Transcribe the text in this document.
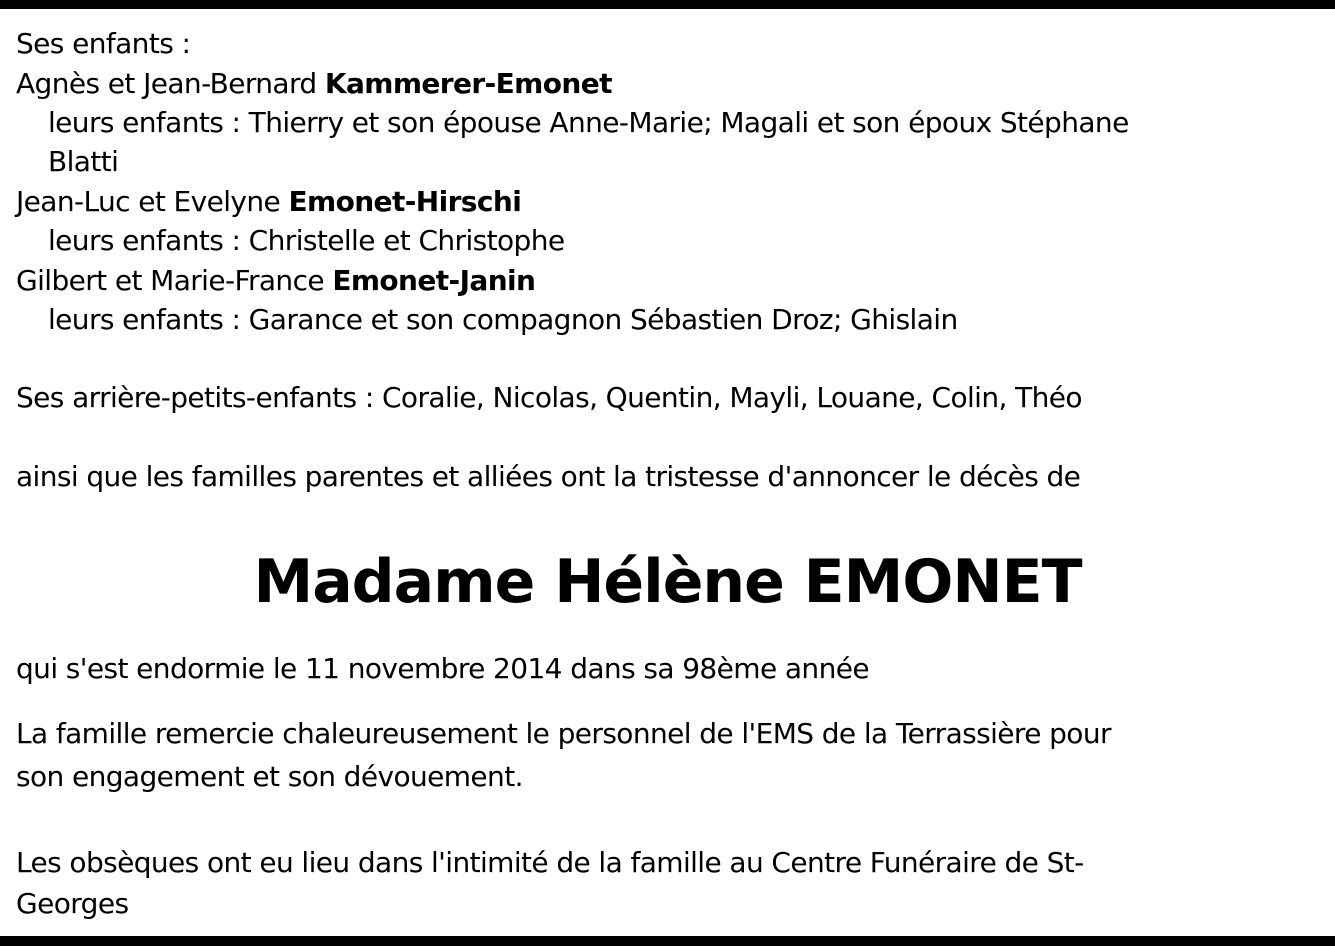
Ses enfants :
Agnès et Jean-Bernard Kammerer-Emonet
leurs enfants : Thierry et son épouse Anne-Marie; Magali et son époux Stéphane
Blatti
Jean-Luc et Evelyne Emonet-Hirschi
leurs enfants : Christelle et Christophe
Gilbert et Marie-France Emonet-Janin
leurs enfants : Garance et son compagnon Sébastien Droz; Ghislain
Ses arrière-petits-enfants : Coralie, Nicolas, Quentin, Mayli, Louane, Colin, Théo
ainsi que les familles parentes et alliées ont la tristesse d'annoncer le décès de
Madame Hélène EMONET
qui s'est endormie le 11 novembre 2014 dans sa 98ème année
La famille remercie chaleureusement le personnel de l'EMS de la Terrassière pour
son engagement et son dévouement.
Les obsèques ont eu lieu dans l'intimité de la famille au Centre Funéraire de St-
Georges
